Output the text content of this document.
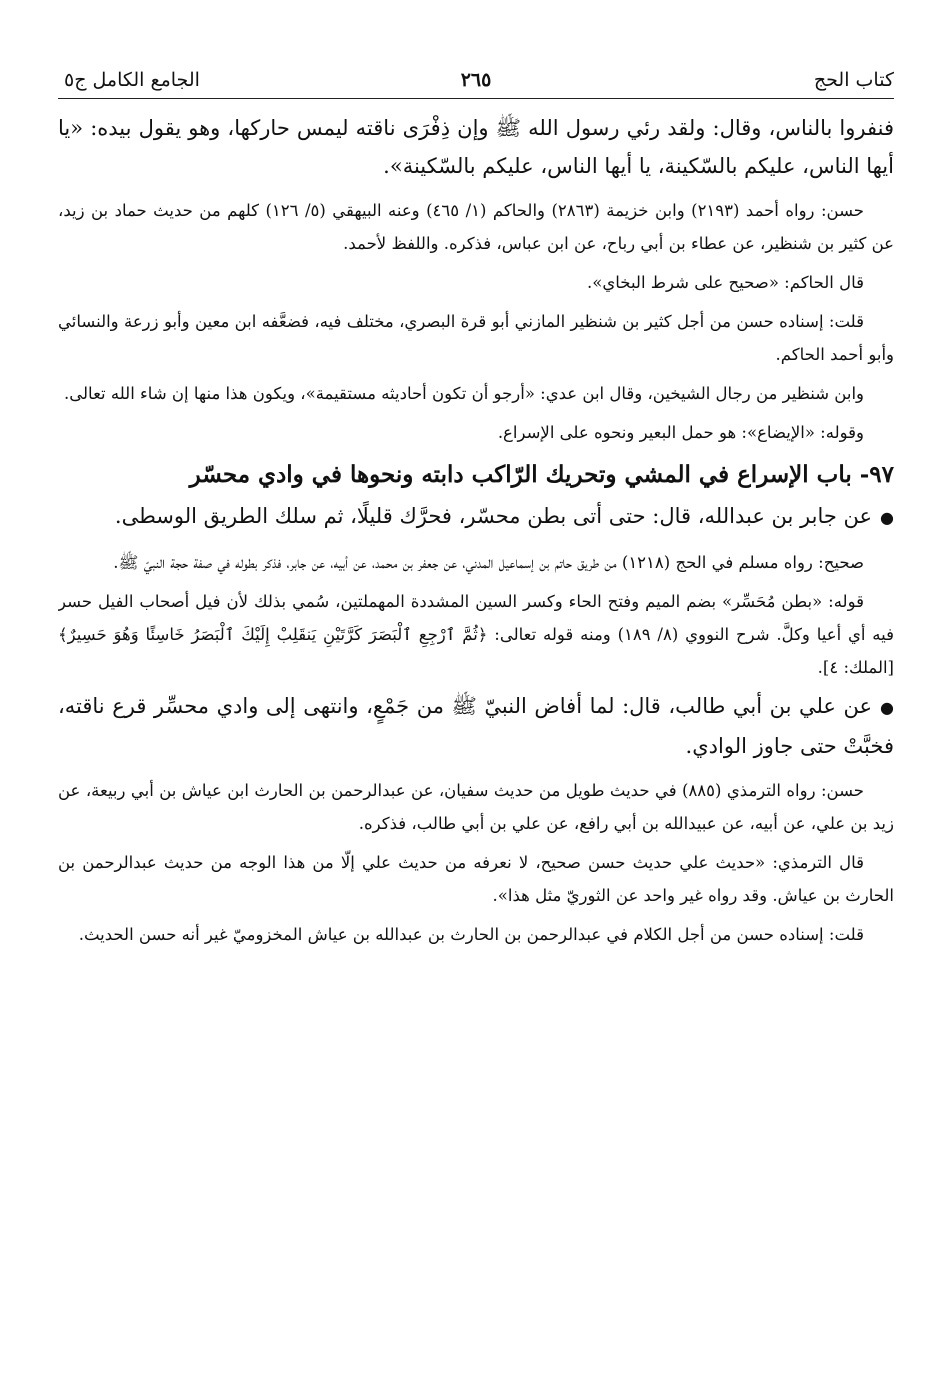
كتاب الحج
٢٦٥
الجامع الكامل ج٥

فنفروا بالناس، وقال: ولقد رئي رسول الله ﷺ وإن ذِفْرَى ناقته ليمس حاركها، وهو يقول بيده: «يا أيها الناس، عليكم بالسّكينة، يا أيها الناس، عليكم بالسّكينة».

حسن: رواه أحمد (٢١٩٣) وابن خزيمة (٢٨٦٣) والحاكم (١/ ٤٦٥) وعنه البيهقي (٥/ ١٢٦) كلهم من حديث حماد بن زيد، عن كثير بن شنظير، عن عطاء بن أبي رباح، عن ابن عباس، فذكره. واللفظ لأحمد.

قال الحاكم: «صحيح على شرط البخاي».

قلت: إسناده حسن من أجل كثير بن شنظير المازني أبو قرة البصري، مختلف فيه، فضعَّفه ابن معين وأبو زرعة والنسائي وأبو أحمد الحاكم.

وابن شنظير من رجال الشيخين، وقال ابن عدي: «أرجو أن تكون أحاديثه مستقيمة»، ويكون هذا منها إن شاء الله تعالى.

وقوله: «الإيضاع»: هو حمل البعير ونحوه على الإسراع.

٩٧- باب الإسراع في المشي وتحريك الرّاكب دابته ونحوها في وادي محسّر

●عن جابر بن عبدالله، قال: حتى أتى بطن محسّر، فحرَّك قليلًا، ثم سلك الطريق الوسطى.

صحيح: رواه مسلم في الحج (١٢١٨) من طريق حاتم بن إسماعيل المدني، عن جعفر بن محمد، عن أبيه، عن جابر، فذكر بطوله في صفة حجة النبيّ ﷺ.

قوله: «بطن مُحَسِّر» بضم الميم وفتح الحاء وكسر السين المشددة المهملتين، سُمي بذلك لأن فيل أصحاب الفيل حسر فيه أي أعيا وكلَّ. شرح النووي (٨/ ١٨٩) ومنه قوله تعالى: ﴿ثُمَّ ٱرْجِعِ ٱلْبَصَرَ كَرَّتَيْنِ يَنقَلِبْ إِلَيْكَ ٱلْبَصَرُ خَاسِئًا وَهُوَ حَسِيرٌ﴾ [الملك: ٤].

●عن علي بن أبي طالب، قال: لما أفاض النبيّ ﷺ من جَمْعٍ، وانتهى إلى وادي محسِّر قرع ناقته، فخبَّتْ حتى جاوز الوادي.

حسن: رواه الترمذي (٨٨٥) في حديث طويل من حديث سفيان، عن عبدالرحمن بن الحارث ابن عياش بن أبي ربيعة، عن زيد بن علي، عن أبيه، عن عبيدالله بن أبي رافع، عن علي بن أبي طالب، فذكره.

قال الترمذي: «حديث علي حديث حسن صحيح، لا نعرفه من حديث علي إلّا من هذا الوجه من حديث عبدالرحمن بن الحارث بن عياش. وقد رواه غير واحد عن الثوريّ مثل هذا».

قلت: إسناده حسن من أجل الكلام في عبدالرحمن بن الحارث بن عبدالله بن عياش المخزوميّ غير أنه حسن الحديث.
